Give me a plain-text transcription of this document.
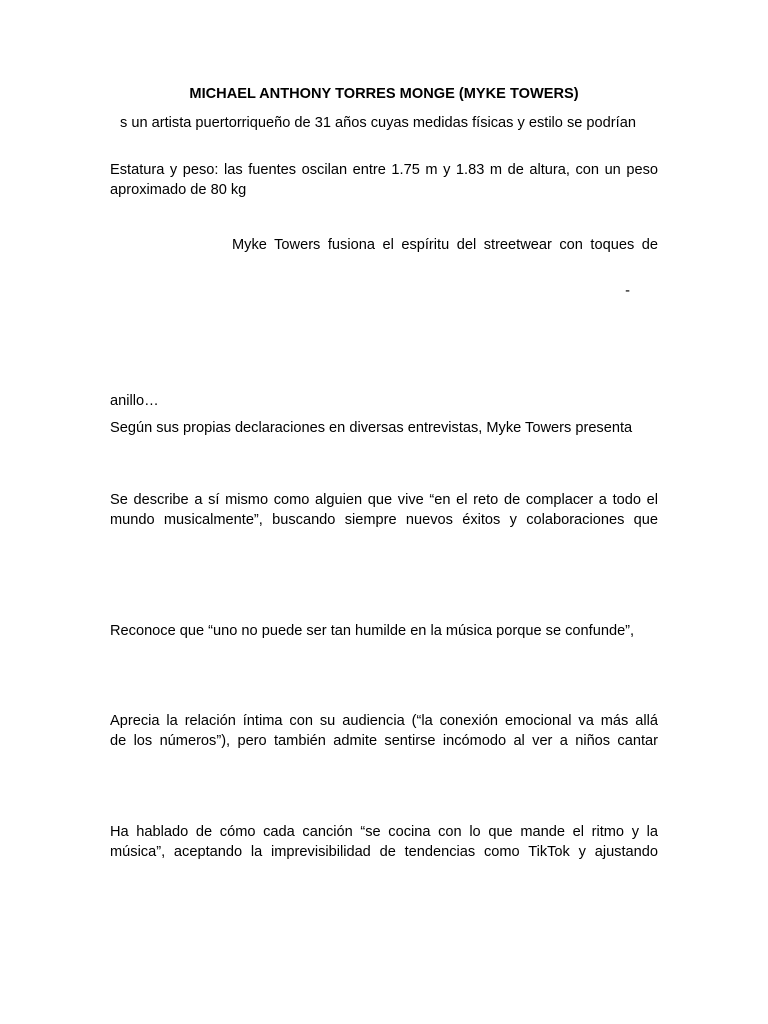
MICHAEL ANTHONY TORRES MONGE (MYKE TOWERS)
s un artista puertorriqueño de 31 años cuyas medidas físicas y estilo se podrían
Estatura y peso: las fuentes oscilan entre 1.75 m y 1.83 m de altura, con un peso
aproximado de 80 kg
Myke Towers fusiona el espíritu del streetwear con toques de
-
anillo…
Según sus propias declaraciones en diversas entrevistas, Myke Towers presenta
Se describe a sí mismo como alguien que vive “en el reto de complacer a todo el
mundo musicalmente”, buscando siempre nuevos éxitos y colaboraciones que
Reconoce que “uno no puede ser tan humilde en la música porque se confunde”,
Aprecia la relación íntima con su audiencia (“la conexión emocional va más allá
de los números”), pero también admite sentirse incómodo al ver a niños cantar
Ha hablado de cómo cada canción “se cocina con lo que mande el ritmo y la
música”, aceptando la imprevisibilidad de tendencias como TikTok y ajustando
